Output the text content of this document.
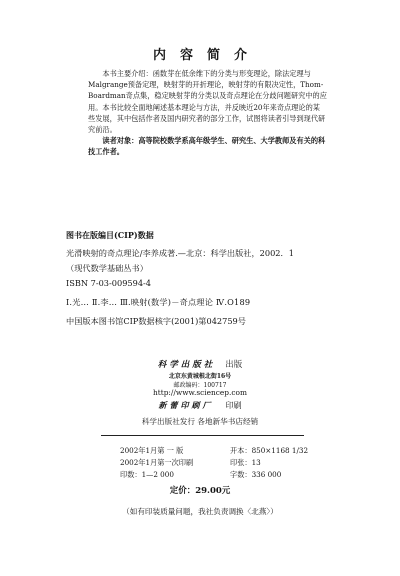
内容简介
本书主要介绍：函数芽在低余维下的分类与形变理论，除法定理与
Malgrange预备定理，映射芽的开折理论，映射芽的有限决定性，Thom-
Boardman奇点集，稳定映射芽的分类以及奇点理论在分歧问题研究中的应
用。本书比较全面地阐述基本理论与方法，并反映近20年来奇点理论的某
些发展，其中包括作者及国内研究者的部分工作，试图将读者引导到现代研
究前沿。
读者对象：高等院校数学系高年级学生、研究生、大学教师及有关的科
技工作者。
图书在版编目(CIP)数据
光滑映射的奇点理论/李养成著.—北京：科学出版社，2002．1
（现代数学基础丛书）
ISBN 7-03-009594-4
Ⅰ.光… Ⅱ.李… Ⅲ.映射(数学)－奇点理论 Ⅳ.O189
中国版本图书馆CIP数据核字(2001)第042759号
科学出版社 出版
北京东黄城根北街16号
邮政编码：100717
http://www.sciencep.com
新蕾印刷厂 印刷
科学出版社发行 各地新华书店经销
2002年1月第 一 版	开本：850×1168 1/32
2002年1月第一次印刷	印张：13
印数：1—2 000	字数：336 000
定价：29.00元
（如有印装质量问题，我社负责调换〈北燕〉）
